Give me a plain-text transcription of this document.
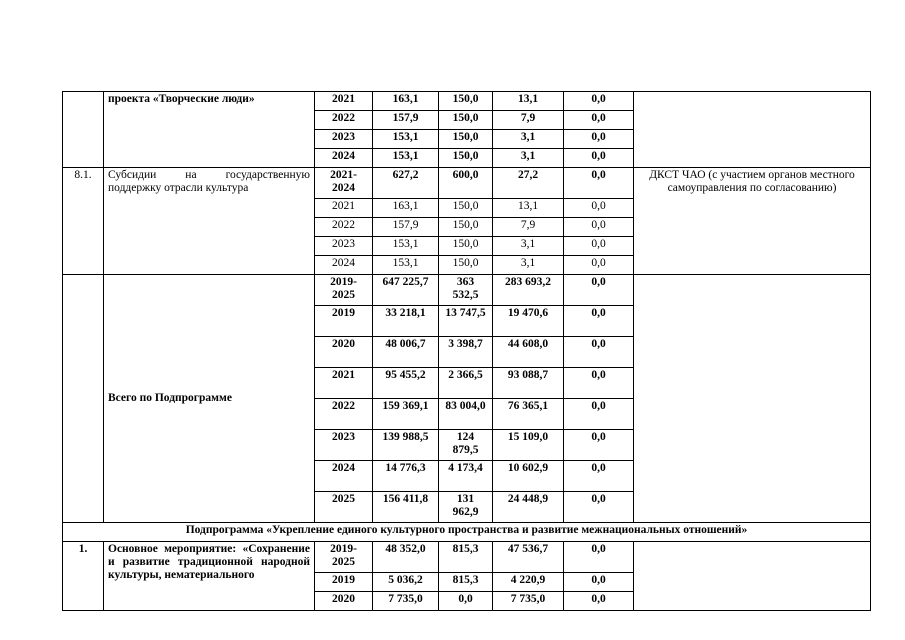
	проекта «Творческие люди»	2021	163,1	150,0	13,1	0,0	
		2022	157,9	150,0	7,9	0,0	
		2023	153,1	150,0	3,1	0,0	
		2024	153,1	150,0	3,1	0,0	
8.1.	Субсидии на государственную поддержку отрасли культура	2021-2024	627,2	600,0	27,2	0,0	ДКСТ ЧАО (с участием органов местного самоуправления по согласованию)
		2021	163,1	150,0	13,1	0,0	
		2022	157,9	150,0	7,9	0,0	
		2023	153,1	150,0	3,1	0,0	
		2024	153,1	150,0	3,1	0,0	
	Всего по Подпрограмме	2019-2025	647 225,7	363 532,5	283 693,2	0,0	
		2019	33 218,1	13 747,5	19 470,6	0,0	
		2020	48 006,7	3 398,7	44 608,0	0,0	
		2021	95 455,2	2 366,5	93 088,7	0,0	
		2022	159 369,1	83 004,0	76 365,1	0,0	
		2023	139 988,5	124 879,5	15 109,0	0,0	
		2024	14 776,3	4 173,4	10 602,9	0,0	
		2025	156 411,8	131 962,9	24 448,9	0,0	
Подпрограмма «Укрепление единого культурного пространства и развитие межнациональных отношений»							
1.	Основное мероприятие: «Сохранение и развитие традиционной народной культуры, нематериального	2019-2025	48 352,0	815,3	47 536,7	0,0	
		2019	5 036,2	815,3	4 220,9	0,0	
		2020	7 735,0	0,0	7 735,0	0,0	
